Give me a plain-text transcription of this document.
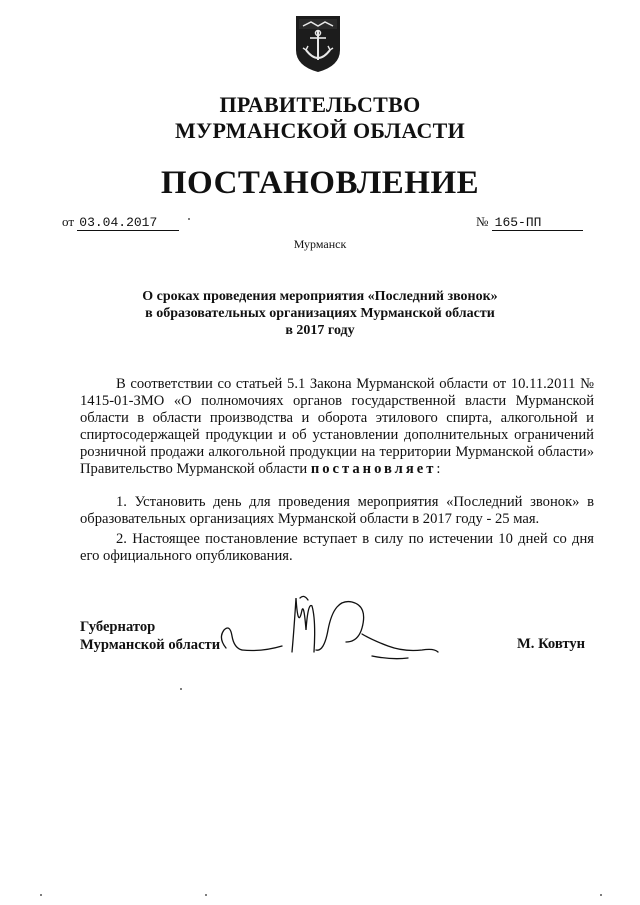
ПРАВИТЕЛЬСТВО
МУРМАНСКОЙ ОБЛАСТИ
ПОСТАНОВЛЕНИЕ
от 03.04.2017	№ 165-ПП
Мурманск
О сроках проведения мероприятия «Последний звонок»
в образовательных организациях Мурманской области
в 2017 году

В соответствии со статьей 5.1 Закона Мурманской области от 10.11.2011 № 1415-01-ЗМО «О полномочиях органов государственной власти Мурманской области в области производства и оборота этилового спирта, алкогольной и спиртосодержащей продукции и об установлении дополнительных ограничений розничной продажи алкогольной продукции на территории Мурманской области» Правительство Мурманской области постановляет:

1. Установить день для проведения мероприятия «Последний звонок» в образовательных организациях Мурманской области в 2017 году - 25 мая.

2. Настоящее постановление вступает в силу по истечении 10 дней со дня его официального опубликования.

Губернатор
Мурманской области	М. Ковтун
